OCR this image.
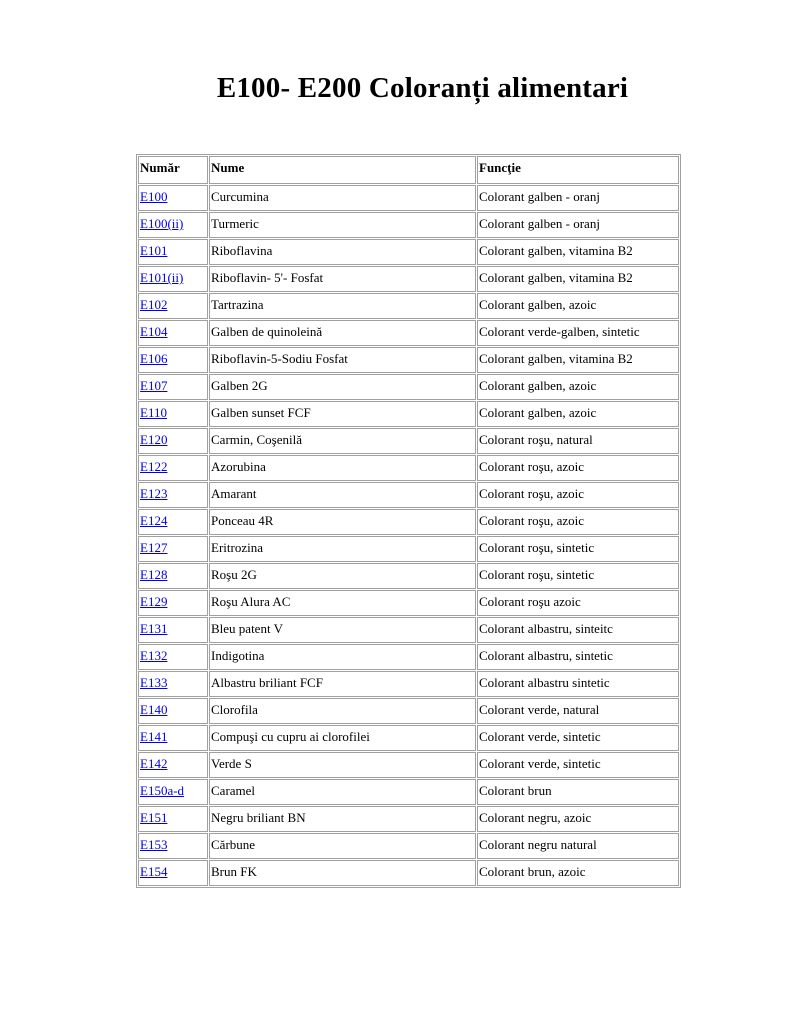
E100- E200 Coloranți alimentari
Număr	Nume	Funcţie
E100	Curcumina	Colorant galben - oranj
E100(ii)	Turmeric	Colorant galben - oranj
E101	Riboflavina	Colorant galben, vitamina B2
E101(ii)	Riboflavin- 5'- Fosfat	Colorant galben, vitamina B2
E102	Tartrazina	Colorant galben, azoic
E104	Galben de quinoleină	Colorant verde-galben, sintetic
E106	Riboflavin-5-Sodiu Fosfat	Colorant galben, vitamina B2
E107	Galben 2G	Colorant galben, azoic
E110	Galben sunset FCF	Colorant galben, azoic
E120	Carmin, Coşenilă	Colorant roşu, natural
E122	Azorubina	Colorant roşu, azoic
E123	Amarant	Colorant roşu, azoic
E124	Ponceau 4R	Colorant roşu, azoic
E127	Eritrozina	Colorant roşu, sintetic
E128	Roşu 2G	Colorant roşu, sintetic
E129	Roşu Alura AC	Colorant roşu azoic
E131	Bleu patent V	Colorant albastru, sinteitc
E132	Indigotina	Colorant albastru, sintetic
E133	Albastru briliant FCF	Colorant albastru sintetic
E140	Clorofila	Colorant verde, natural
E141	Compuşi cu cupru ai clorofilei	Colorant verde, sintetic
E142	Verde S	Colorant verde, sintetic
E150a-d	Caramel	Colorant brun
E151	Negru briliant BN	Colorant negru, azoic
E153	Cărbune	Colorant negru natural
E154	Brun FK	Colorant brun, azoic
